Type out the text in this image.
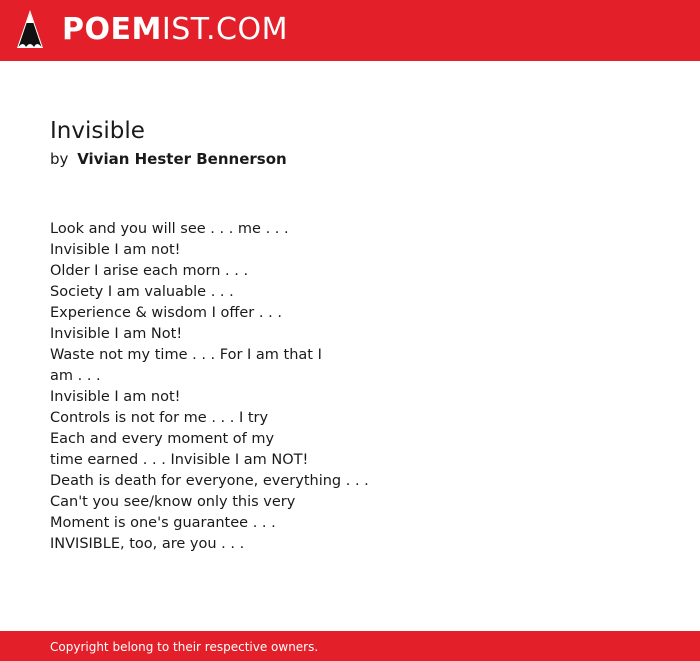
POEMIST.COM
Invisible
by Vivian Hester Bennerson
Look and you will see . . . me . . .
Invisible I am not!
Older I arise each morn . . .
Society I am valuable . . .
Experience & wisdom I offer . . .
Invisible I am Not!
Waste not my time . . . For I am that I
am . . .
Invisible I am not!
Controls is not for me . . . I try
Each and every moment of my
time earned . . . Invisible I am NOT!
Death is death for everyone, everything . . .
Can't you see/know only this very
Moment is one's guarantee . . .
INVISIBLE, too, are you . . .
Copyright belong to their respective owners.
